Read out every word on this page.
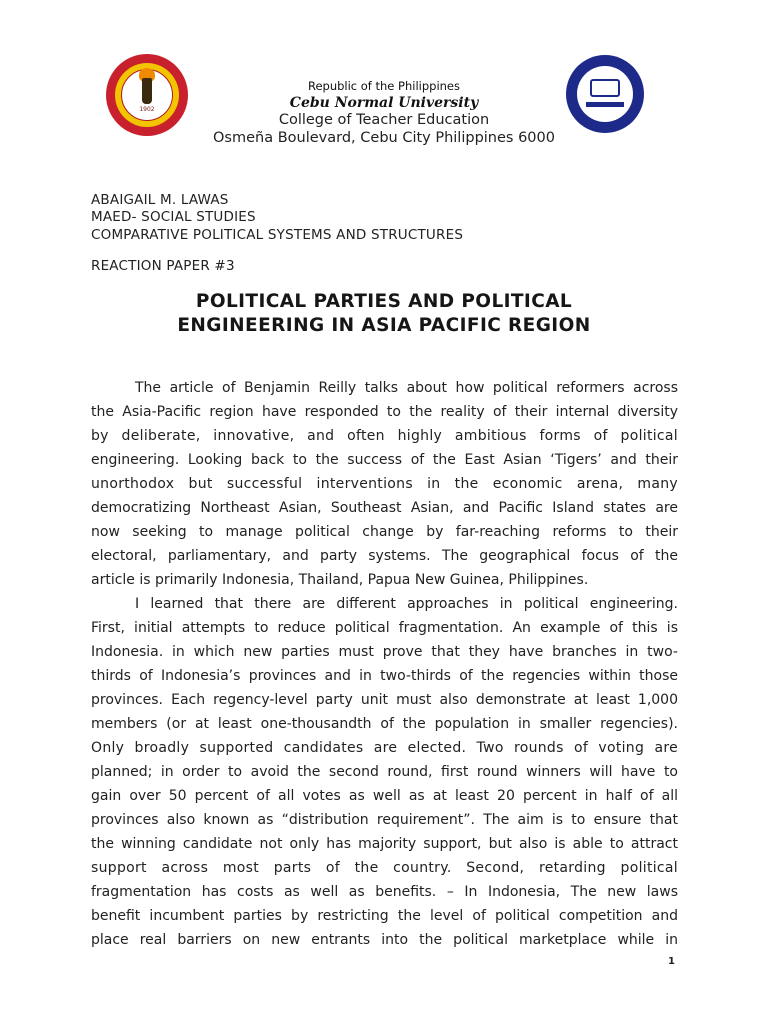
1902
Republic of the Philippines
Cebu Normal University
College of Teacher Education
Osmeña Boulevard, Cebu City Philippines 6000
ABAIGAIL M. LAWAS
MAED- SOCIAL STUDIES
COMPARATIVE POLITICAL SYSTEMS AND STRUCTURES
REACTION PAPER #3
POLITICAL PARTIES AND POLITICAL
ENGINEERING IN ASIA PACIFIC REGION
The article of Benjamin Reilly talks about how political reformers across
the Asia-Pacific region have responded to the reality of their internal diversity
by deliberate, innovative, and often highly ambitious forms of political
engineering. Looking back to the success of the East Asian ‘Tigers’ and their
unorthodox but successful interventions in the economic arena, many
democratizing Northeast Asian, Southeast Asian, and Pacific Island states are
now seeking to manage political change by far-reaching reforms to their
electoral, parliamentary, and party systems. The geographical focus of the
article is primarily Indonesia, Thailand, Papua New Guinea, Philippines.
I learned that there are different approaches in political engineering.
First, initial attempts to reduce political fragmentation. An example of this is
Indonesia. in which new parties must prove that they have branches in two-
thirds of Indonesia’s provinces and in two-thirds of the regencies within those
provinces. Each regency-level party unit must also demonstrate at least 1,000
members (or at least one-thousandth of the population in smaller regencies).
Only broadly supported candidates are elected. Two rounds of voting are
planned; in order to avoid the second round, first round winners will have to
gain over 50 percent of all votes as well as at least 20 percent in half of all
provinces also known as “distribution requirement”. The aim is to ensure that
the winning candidate not only has majority support, but also is able to attract
support across most parts of the country. Second, retarding political
fragmentation has costs as well as benefits. – In Indonesia, The new laws
benefit incumbent parties by restricting the level of political competition and
place real barriers on new entrants into the political marketplace while in
1
